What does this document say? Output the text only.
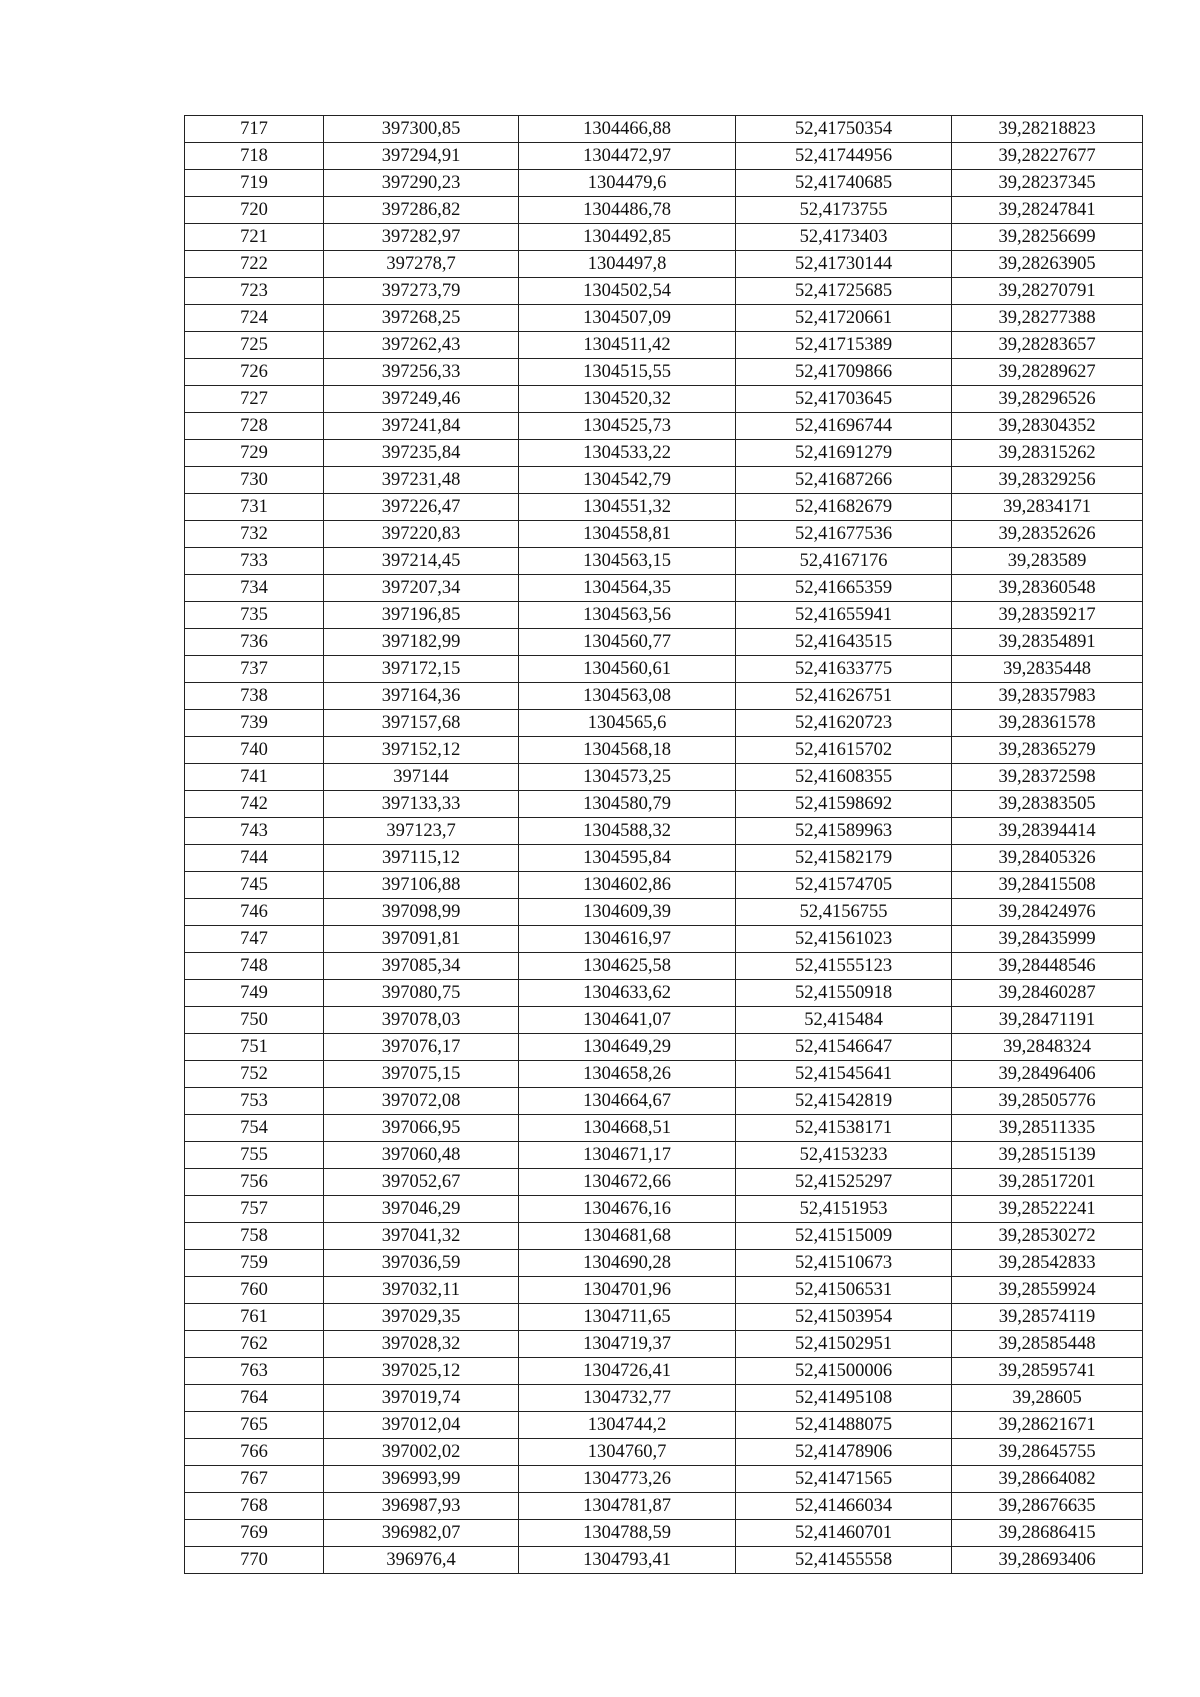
717	397300,85	1304466,88	52,41750354	39,28218823
718	397294,91	1304472,97	52,41744956	39,28227677
719	397290,23	1304479,6	52,41740685	39,28237345
720	397286,82	1304486,78	52,4173755	39,28247841
721	397282,97	1304492,85	52,4173403	39,28256699
722	397278,7	1304497,8	52,41730144	39,28263905
723	397273,79	1304502,54	52,41725685	39,28270791
724	397268,25	1304507,09	52,41720661	39,28277388
725	397262,43	1304511,42	52,41715389	39,28283657
726	397256,33	1304515,55	52,41709866	39,28289627
727	397249,46	1304520,32	52,41703645	39,28296526
728	397241,84	1304525,73	52,41696744	39,28304352
729	397235,84	1304533,22	52,41691279	39,28315262
730	397231,48	1304542,79	52,41687266	39,28329256
731	397226,47	1304551,32	52,41682679	39,2834171
732	397220,83	1304558,81	52,41677536	39,28352626
733	397214,45	1304563,15	52,4167176	39,283589
734	397207,34	1304564,35	52,41665359	39,28360548
735	397196,85	1304563,56	52,41655941	39,28359217
736	397182,99	1304560,77	52,41643515	39,28354891
737	397172,15	1304560,61	52,41633775	39,2835448
738	397164,36	1304563,08	52,41626751	39,28357983
739	397157,68	1304565,6	52,41620723	39,28361578
740	397152,12	1304568,18	52,41615702	39,28365279
741	397144	1304573,25	52,41608355	39,28372598
742	397133,33	1304580,79	52,41598692	39,28383505
743	397123,7	1304588,32	52,41589963	39,28394414
744	397115,12	1304595,84	52,41582179	39,28405326
745	397106,88	1304602,86	52,41574705	39,28415508
746	397098,99	1304609,39	52,4156755	39,28424976
747	397091,81	1304616,97	52,41561023	39,28435999
748	397085,34	1304625,58	52,41555123	39,28448546
749	397080,75	1304633,62	52,41550918	39,28460287
750	397078,03	1304641,07	52,415484	39,28471191
751	397076,17	1304649,29	52,41546647	39,2848324
752	397075,15	1304658,26	52,41545641	39,28496406
753	397072,08	1304664,67	52,41542819	39,28505776
754	397066,95	1304668,51	52,41538171	39,28511335
755	397060,48	1304671,17	52,4153233	39,28515139
756	397052,67	1304672,66	52,41525297	39,28517201
757	397046,29	1304676,16	52,4151953	39,28522241
758	397041,32	1304681,68	52,41515009	39,28530272
759	397036,59	1304690,28	52,41510673	39,28542833
760	397032,11	1304701,96	52,41506531	39,28559924
761	397029,35	1304711,65	52,41503954	39,28574119
762	397028,32	1304719,37	52,41502951	39,28585448
763	397025,12	1304726,41	52,41500006	39,28595741
764	397019,74	1304732,77	52,41495108	39,28605
765	397012,04	1304744,2	52,41488075	39,28621671
766	397002,02	1304760,7	52,41478906	39,28645755
767	396993,99	1304773,26	52,41471565	39,28664082
768	396987,93	1304781,87	52,41466034	39,28676635
769	396982,07	1304788,59	52,41460701	39,28686415
770	396976,4	1304793,41	52,41455558	39,28693406
